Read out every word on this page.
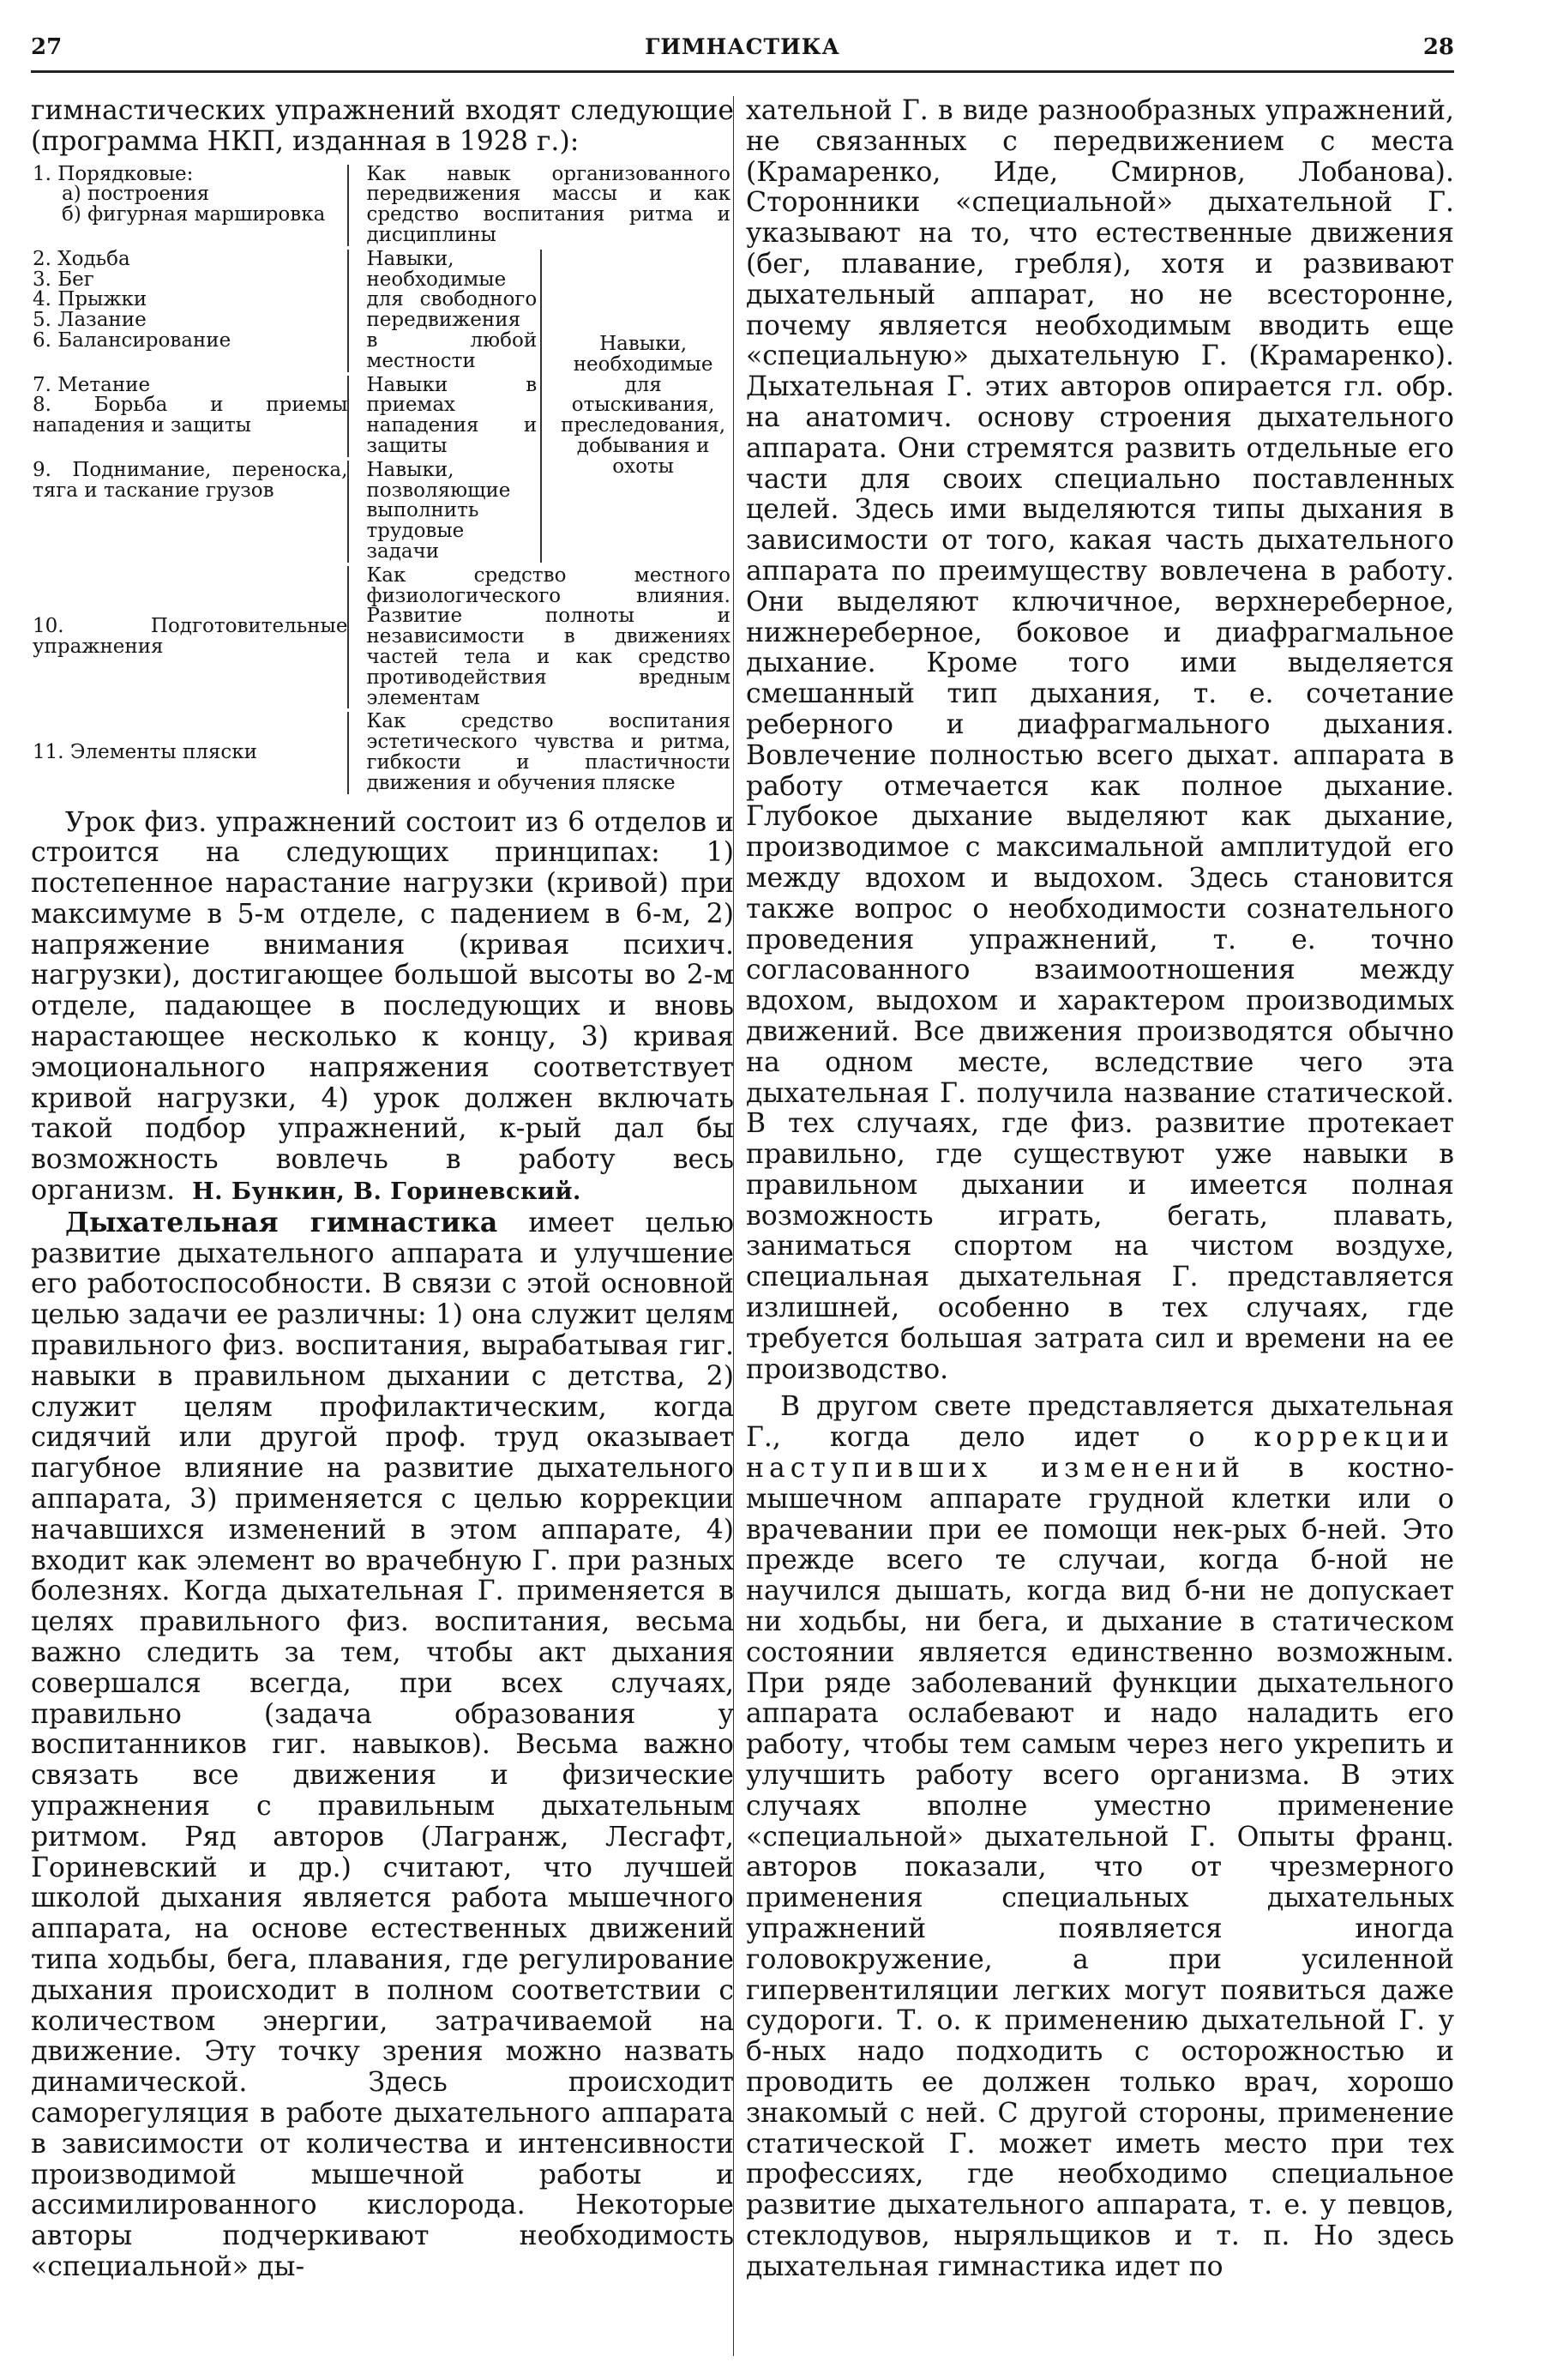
27	ГИМНАСТИКА	28

гимнастических упражнений входят следующие (программа НКП, изданная в 1928 г.):

1. Порядковые:
а) построения
б) фигурная маршировка	Как навык организованного передвижения массы и как средство воспитания ритма и дисциплины	

2. Ходьба
3. Бег
4. Прыжки
5. Лазание
6. Балансирование	Навыки, необходимые для свободного передвижения в любой местности	Навыки, необходимые для отыскивания, преследования, добывания и охоты

7. Метание
8. Борьба и приемы нападения и защиты	Навыки в приемах нападения и защиты	

9. Поднимание, переноска, тяга и таскание грузов	Навыки, позволяющие выполнить трудовые задачи	

10. Подготовительные упражнения	Как средство местного физиологического влияния. Развитие полноты и независимости в движениях частей тела и как средство противодействия вредным элементам	

11. Элементы пляски	Как средство воспитания эстетического чувства и ритма, гибкости и пластичности движения и обучения пляске	

Урок физ. упражнений состоит из 6 отделов и строится на следующих принципах: 1) постепенное нарастание нагрузки (кривой) при максимуме в 5-м отделе, с падением в 6-м, 2) напряжение внимания (кривая психич. нагрузки), достигающее большой высоты во 2-м отделе, падающее в последующих и вновь нарастающее несколько к концу, 3) кривая эмоционального напряжения соответствует кривой нагрузки, 4) урок должен включать такой подбор упражнений, к-рый дал бы возможность вовлечь в работу весь организм. Н. Бункин, В. Гориневский.

Дыхательная гимнастика имеет целью развитие дыхательного аппарата и улучшение его работоспособности. В связи с этой основной целью задачи ее различны: 1) она служит целям правильного физ. воспитания, вырабатывая гиг. навыки в правильном дыхании с детства, 2) служит целям профилактическим, когда сидячий или другой проф. труд оказывает пагубное влияние на развитие дыхательного аппарата, 3) применяется с целью коррекции начавшихся изменений в этом аппарате, 4) входит как элемент во врачебную Г. при разных болезнях. Когда дыхательная Г. применяется в целях правильного физ. воспитания, весьма важно следить за тем, чтобы акт дыхания совершался всегда, при всех случаях, правильно (задача образования у воспитанников гиг. навыков). Весьма важно связать все движения и физические упражнения с правильным дыхательным ритмом. Ряд авторов (Лагранж, Лесгафт, Гориневский и др.) считают, что лучшей школой дыхания является работа мышечного аппарата, на основе естественных движений типа ходьбы, бега, плавания, где регулирование дыхания происходит в полном соответствии с количеством энергии, затрачиваемой на движение. Эту точку зрения можно назвать динамической. Здесь происходит саморегуляция в работе дыхательного аппарата в зависимости от количества и интенсивности производимой мышечной работы и ассимилированного кислорода. Некоторые авторы подчеркивают необходимость «специальной» ды-

хательной Г. в виде разнообразных упражнений, не связанных с передвижением с места (Крамаренко, Иде, Смирнов, Лобанова). Сторонники «специальной» дыхательной Г. указывают на то, что естественные движения (бег, плавание, гребля), хотя и развивают дыхательный аппарат, но не всесторонне, почему является необходимым вводить еще «специальную» дыхательную Г. (Крамаренко). Дыхательная Г. этих авторов опирается гл. обр. на анатомич. основу строения дыхательного аппарата. Они стремятся развить отдельные его части для своих специально поставленных целей. Здесь ими выделяются типы дыхания в зависимости от того, какая часть дыхательного аппарата по преимуществу вовлечена в работу. Они выделяют ключичное, верхнереберное, нижнереберное, боковое и диафрагмальное дыхание. Кроме того ими выделяется смешанный тип дыхания, т. е. сочетание реберного и диафрагмального дыхания. Вовлечение полностью всего дыхат. аппарата в работу отмечается как полное дыхание. Глубокое дыхание выделяют как дыхание, производимое с максимальной амплитудой его между вдохом и выдохом. Здесь становится также вопрос о необходимости сознательного проведения упражнений, т. е. точно согласованного взаимоотношения между вдохом, выдохом и характером производимых движений. Все движения производятся обычно на одном месте, вследствие чего эта дыхательная Г. получила название статической. В тех случаях, где физ. развитие протекает правильно, где существуют уже навыки в правильном дыхании и имеется полная возможность играть, бегать, плавать, заниматься спортом на чистом воздухе, специальная дыхательная Г. представляется излишней, особенно в тех случаях, где требуется большая затрата сил и времени на ее производство.

В другом свете представляется дыхательная Г., когда дело идет о коррекции наступивших изменений в костно-мышечном аппарате грудной клетки или о врачевании при ее помощи нек-рых б-ней. Это прежде всего те случаи, когда б-ной не научился дышать, когда вид б-ни не допускает ни ходьбы, ни бега, и дыхание в статическом состоянии является единственно возможным. При ряде заболеваний функции дыхательного аппарата ослабевают и надо наладить его работу, чтобы тем самым через него укрепить и улучшить работу всего организма. В этих случаях вполне уместно применение «специальной» дыхательной Г. Опыты франц. авторов показали, что от чрезмерного применения специальных дыхательных упражнений появляется иногда головокружение, а при усиленной гипервентиляции легких могут появиться даже судороги. Т. о. к применению дыхательной Г. у б-ных надо подходить с осторожностью и проводить ее должен только врач, хорошо знакомый с ней. С другой стороны, применение статической Г. может иметь место при тех профессиях, где необходимо специальное развитие дыхательного аппарата, т. е. у певцов, стеклодувов, ныряльщиков и т. п. Но здесь дыхательная гимнастика идет по
